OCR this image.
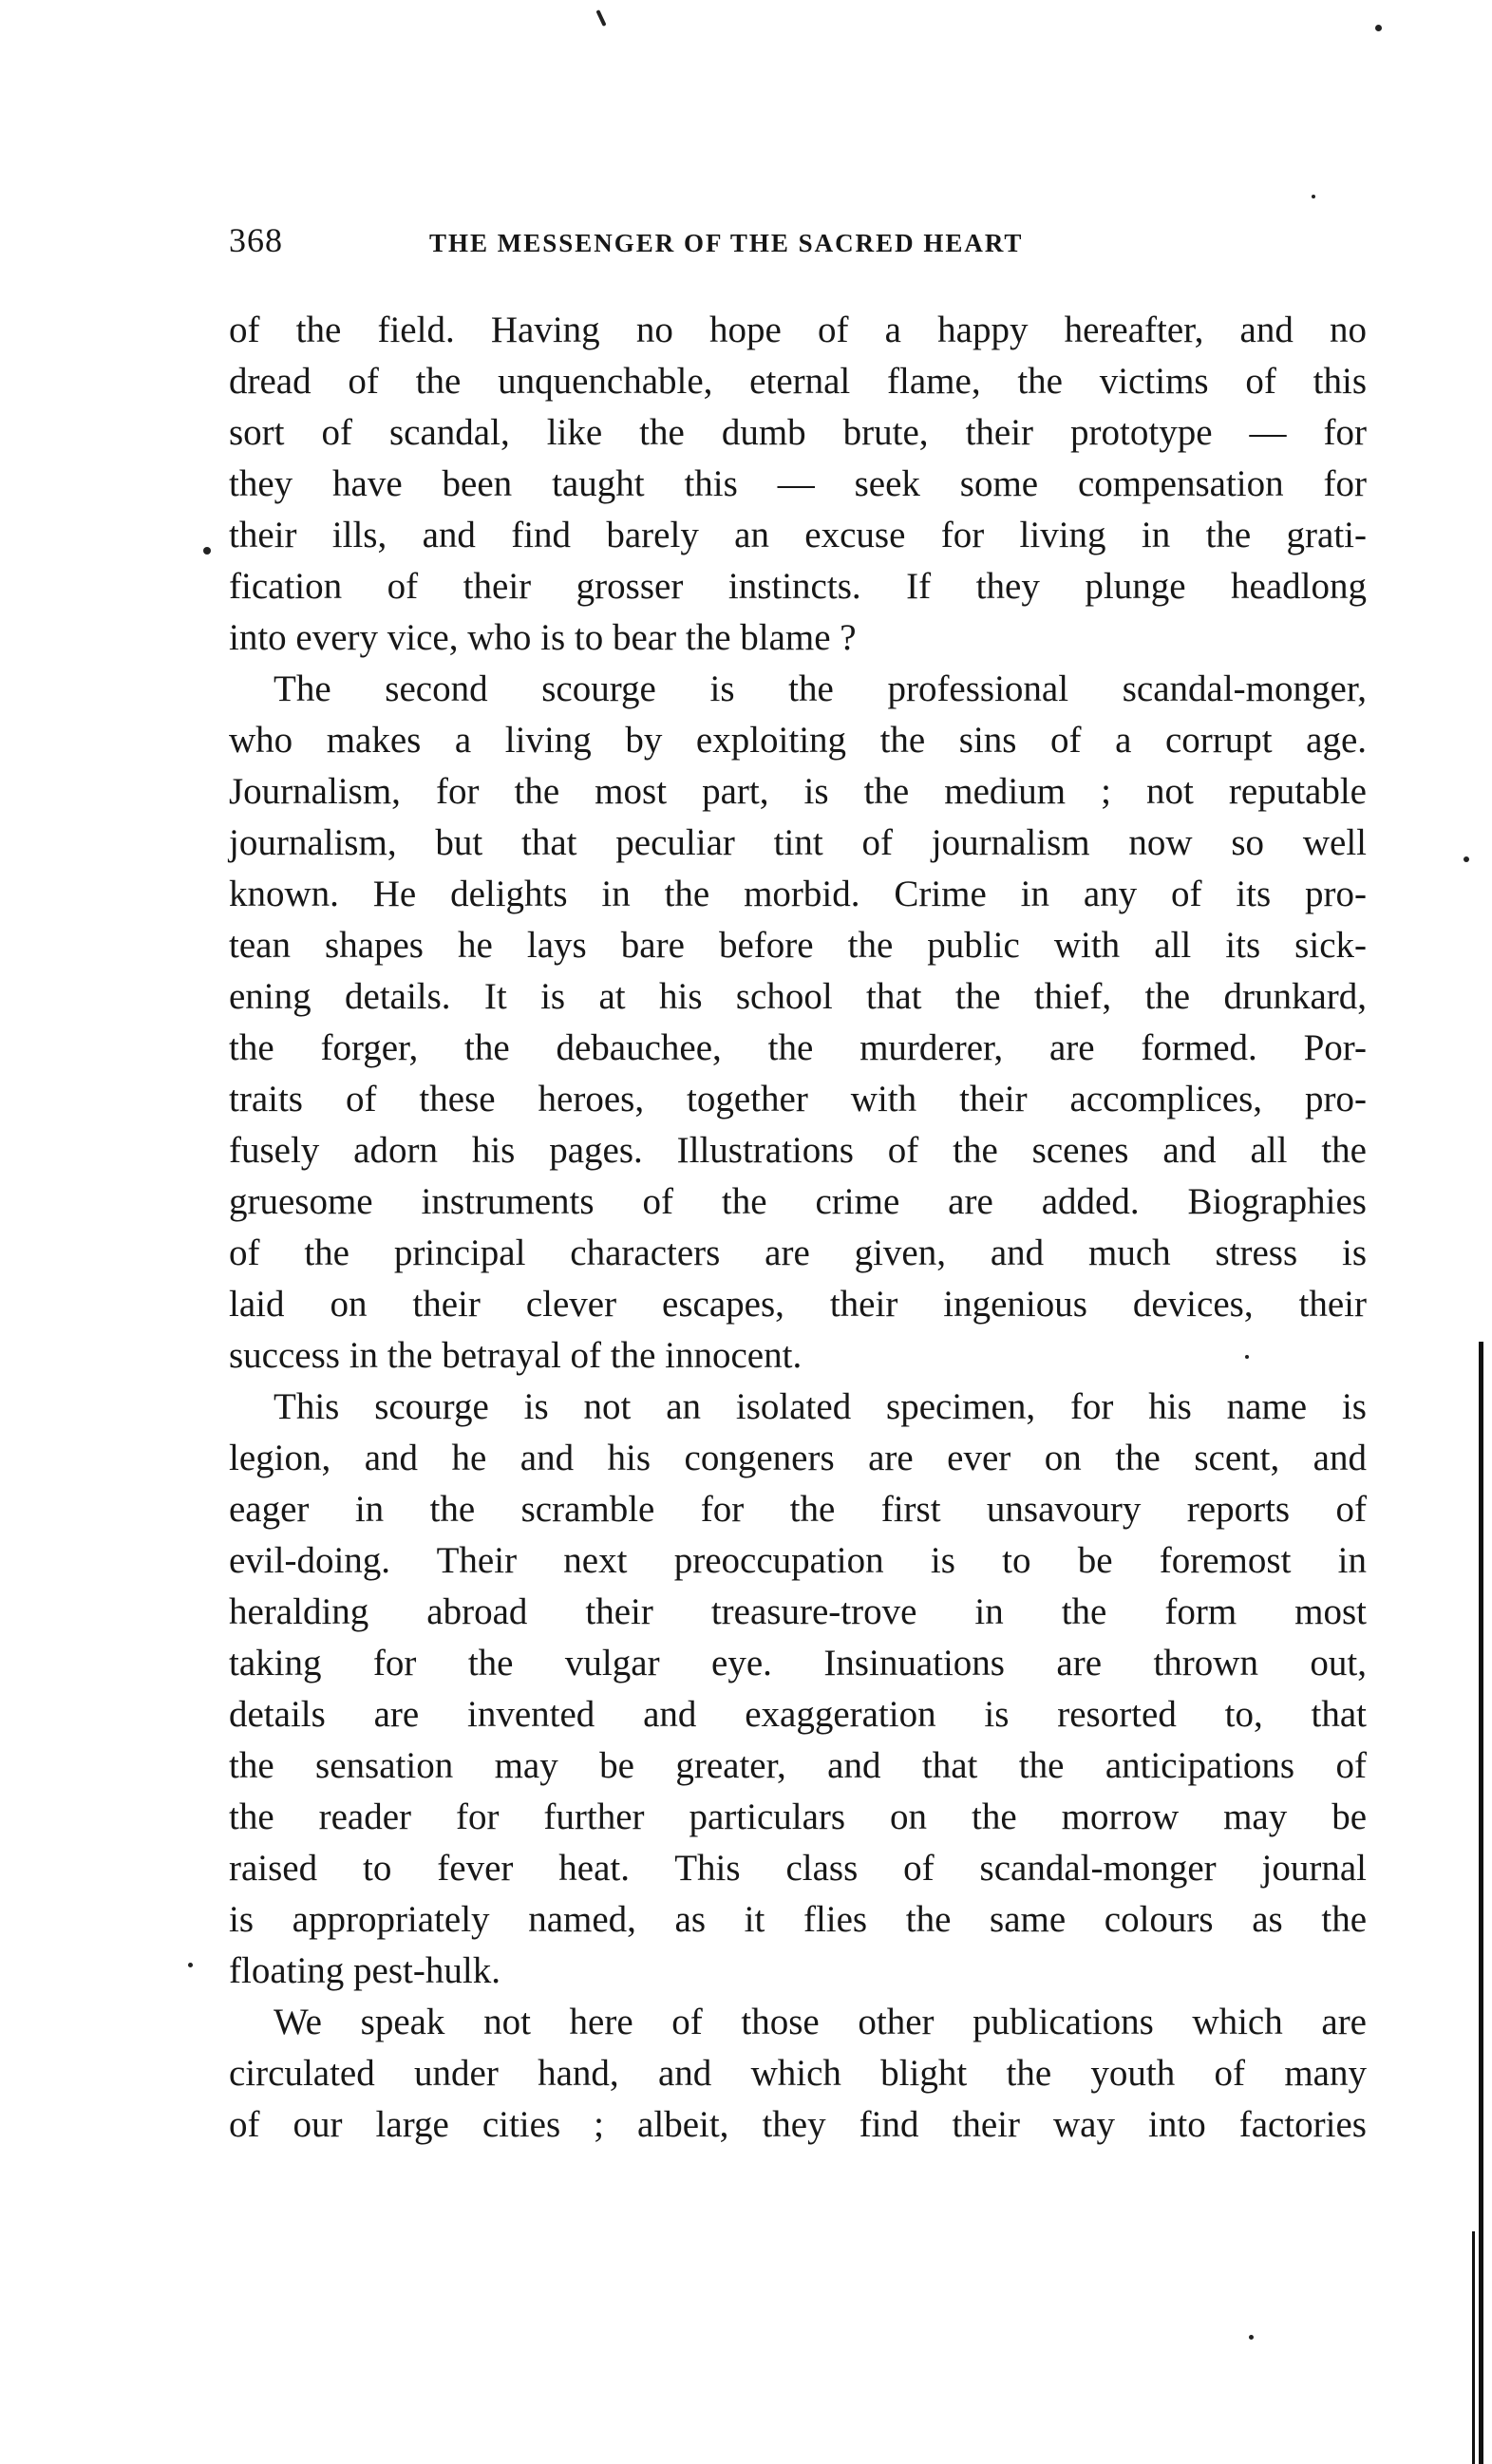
368	THE MESSENGER OF THE SACRED HEART
of the field. Having no hope of a happy hereafter, and no
dread of the unquenchable, eternal flame, the victims of this
sort of scandal, like the dumb brute, their prototype — for
they have been taught this — seek some compensation for
their ills, and find barely an excuse for living in the grati-
fication of their grosser instincts. If they plunge headlong
into every vice, who is to bear the blame ?
The second scourge is the professional scandal-monger,
who makes a living by exploiting the sins of a corrupt age.
Journalism, for the most part, is the medium ; not reputable
journalism, but that peculiar tint of journalism now so well
known. He delights in the morbid. Crime in any of its pro-
tean shapes he lays bare before the public with all its sick-
ening details. It is at his school that the thief, the drunkard,
the forger, the debauchee, the murderer, are formed. Por-
traits of these heroes, together with their accomplices, pro-
fusely adorn his pages. Illustrations of the scenes and all the
gruesome instruments of the crime are added. Biographies
of the principal characters are given, and much stress is
laid on their clever escapes, their ingenious devices, their
success in the betrayal of the innocent.
This scourge is not an isolated specimen, for his name is
legion, and he and his congeners are ever on the scent, and
eager in the scramble for the first unsavoury reports of
evil-doing. Their next preoccupation is to be foremost in
heralding abroad their treasure-trove in the form most
taking for the vulgar eye. Insinuations are thrown out,
details are invented and exaggeration is resorted to, that
the sensation may be greater, and that the anticipations of
the reader for further particulars on the morrow may be
raised to fever heat. This class of scandal-monger journal
is appropriately named, as it flies the same colours as the
floating pest-hulk.
We speak not here of those other publications which are
circulated under hand, and which blight the youth of many
of our large cities ; albeit, they find their way into factories
